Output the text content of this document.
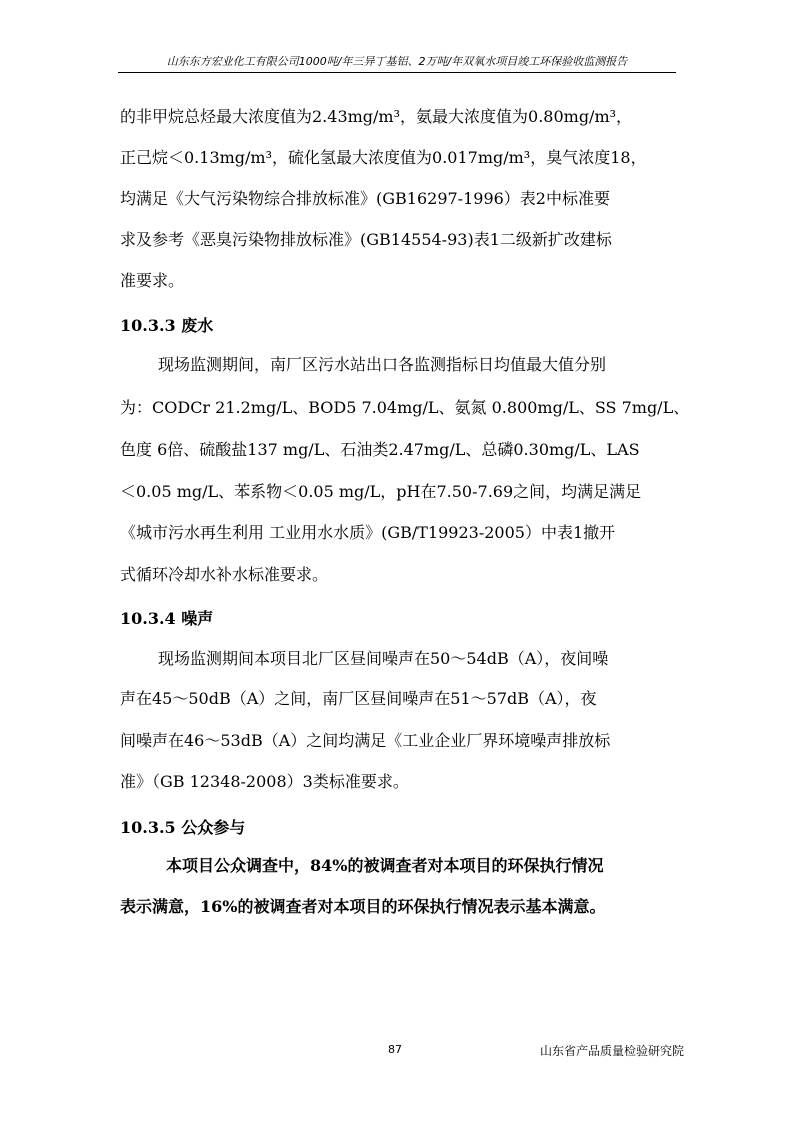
山东东方宏业化工有限公司1000吨/年三异丁基铝、2万吨/年双氧水项目竣工环保验收监测报告
的非甲烷总烃最大浓度值为2.43mg/m³，氨最大浓度值为0.80mg/m³，
正己烷＜0.13mg/m³，硫化氢最大浓度值为0.017mg/m³，臭气浓度18，
均满足《大气污染物综合排放标准》(GB16297-1996）表2中标准要
求及参考《恶臭污染物排放标准》(GB14554-93)表1二级新扩改建标
准要求。
10.3.3 废水
现场监测期间，南厂区污水站出口各监测指标日均值最大值分别
为：CODCr 21.2mg/L、BOD5 7.04mg/L、氨氮 0.800mg/L、SS 7mg/L、
色度 6倍、硫酸盐137 mg/L、石油类2.47mg/L、总磷0.30mg/L、LAS
＜0.05 mg/L、苯系物＜0.05 mg/L，pH在7.50-7.69之间，均满足满足
《城市污水再生利用 工业用水水质》(GB/T19923-2005）中表1撤开
式循环冷却水补水标准要求。
10.3.4 噪声
现场监测期间本项目北厂区昼间噪声在50～54dB（A），夜间噪
声在45～50dB（A）之间，南厂区昼间噪声在51～57dB（A），夜
间噪声在46～53dB（A）之间均满足《工业企业厂界环境噪声排放标
准》（GB 12348-2008）3类标准要求。
10.3.5 公众参与
本项目公众调查中，84%的被调查者对本项目的环保执行情况
表示满意，16%的被调查者对本项目的环保执行情况表示基本满意。
87	山东省产品质量检验研究院
